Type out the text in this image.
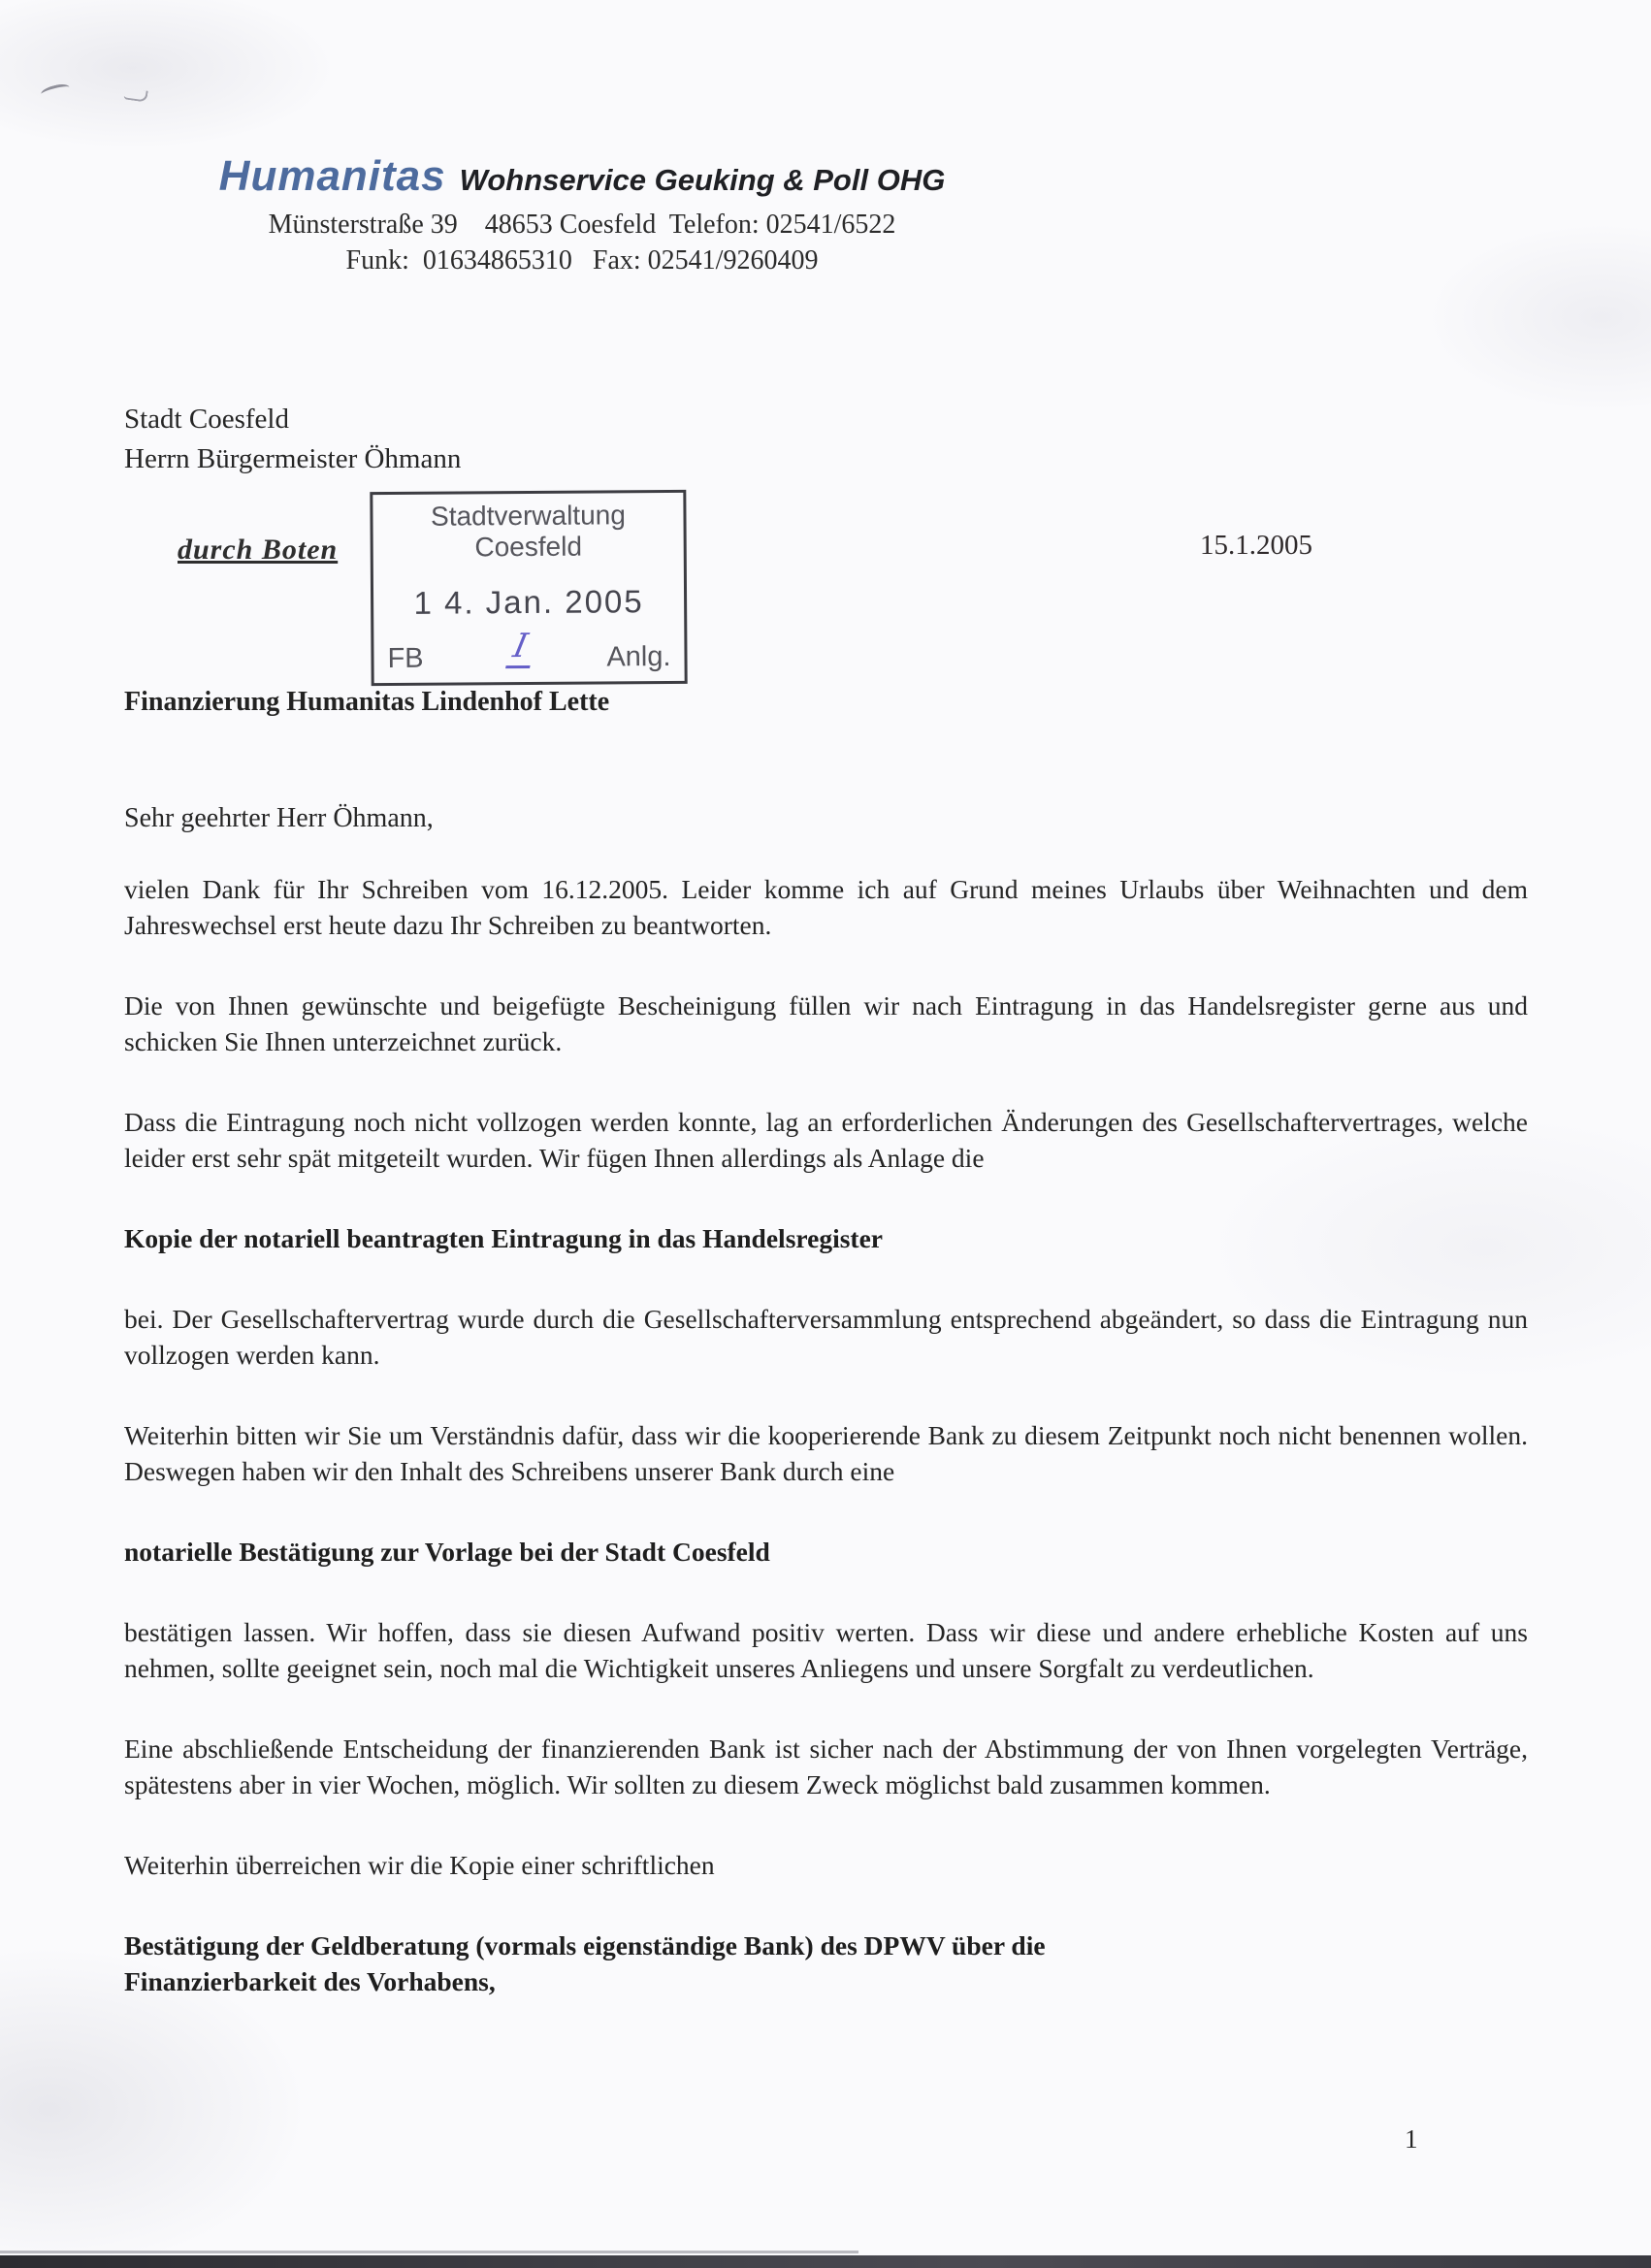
Humanitas Wohnservice Geuking & Poll OHG
Münsterstraße 39    48653 Coesfeld  Telefon: 02541/6522
Funk:  01634865310   Fax: 02541/9260409
Stadt Coesfeld
Herrn Bürgermeister Öhmann
durch Boten	15.1.2005
Stadtverwaltung
Coesfeld
1 4. Jan. 2005
FB	I	Anlg.
Finanzierung Humanitas Lindenhof Lette
Sehr geehrter Herr Öhmann,

vielen Dank für Ihr Schreiben vom 16.12.2005. Leider komme ich auf Grund meines Urlaubs über Weihnachten und dem Jahreswechsel erst heute dazu Ihr Schreiben zu beantworten.

Die von Ihnen gewünschte und beigefügte Bescheinigung füllen wir nach Eintragung in das Handelsregister gerne aus und schicken Sie Ihnen unterzeichnet zurück.

Dass die Eintragung noch nicht vollzogen werden konnte, lag an erforderlichen Änderungen des Gesellschaftervertrages, welche leider erst sehr spät mitgeteilt wurden. Wir fügen Ihnen allerdings als Anlage die

Kopie der notariell beantragten Eintragung in das Handelsregister

bei. Der Gesellschaftervertrag wurde durch die Gesellschafterversammlung entsprechend abgeändert, so dass die Eintragung nun vollzogen werden kann.

Weiterhin bitten wir Sie um Verständnis dafür, dass wir die kooperierende Bank zu diesem Zeitpunkt noch nicht benennen wollen. Deswegen haben wir den Inhalt des Schreibens unserer Bank durch eine

notarielle Bestätigung zur Vorlage bei der Stadt Coesfeld

bestätigen lassen. Wir hoffen, dass sie diesen Aufwand positiv werten. Dass wir diese und andere erhebliche Kosten auf uns nehmen, sollte geeignet sein, noch mal die Wichtigkeit unseres Anliegens und unsere Sorgfalt zu verdeutlichen.

Eine abschließende Entscheidung der finanzierenden Bank ist sicher nach der Abstimmung der von Ihnen vorgelegten Verträge, spätestens aber in vier Wochen, möglich. Wir sollten zu diesem Zweck möglichst bald zusammen kommen.

Weiterhin überreichen wir die Kopie einer schriftlichen

Bestätigung der Geldberatung (vormals eigenständige Bank) des DPWV über die

Finanzierbarkeit des Vorhabens,

1
